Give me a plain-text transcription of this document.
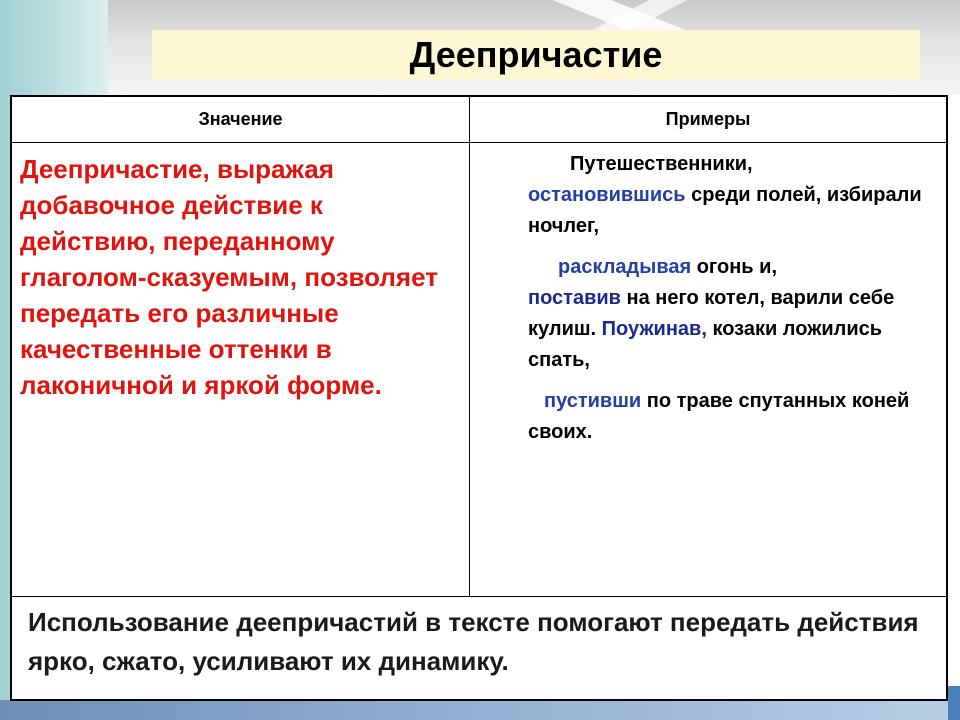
Деепричастие
Значение	Примеры
Деепричастие, выражая добавочное действие к действию, переданному глаголом-сказуемым, позволяет передать его различные качественные оттенки в лаконичной и яркой форме.

Путешественники,
остановившись среди полей, избирали ночлег,

раскладывая огонь и,
поставив на него котел, варили себе кулиш. Поужинав, козаки ложились спать,

пустивши по траве спутанных коней своих.

Использование деепричастий в тексте помогают передать действия ярко, сжато, усиливают их динамику.
